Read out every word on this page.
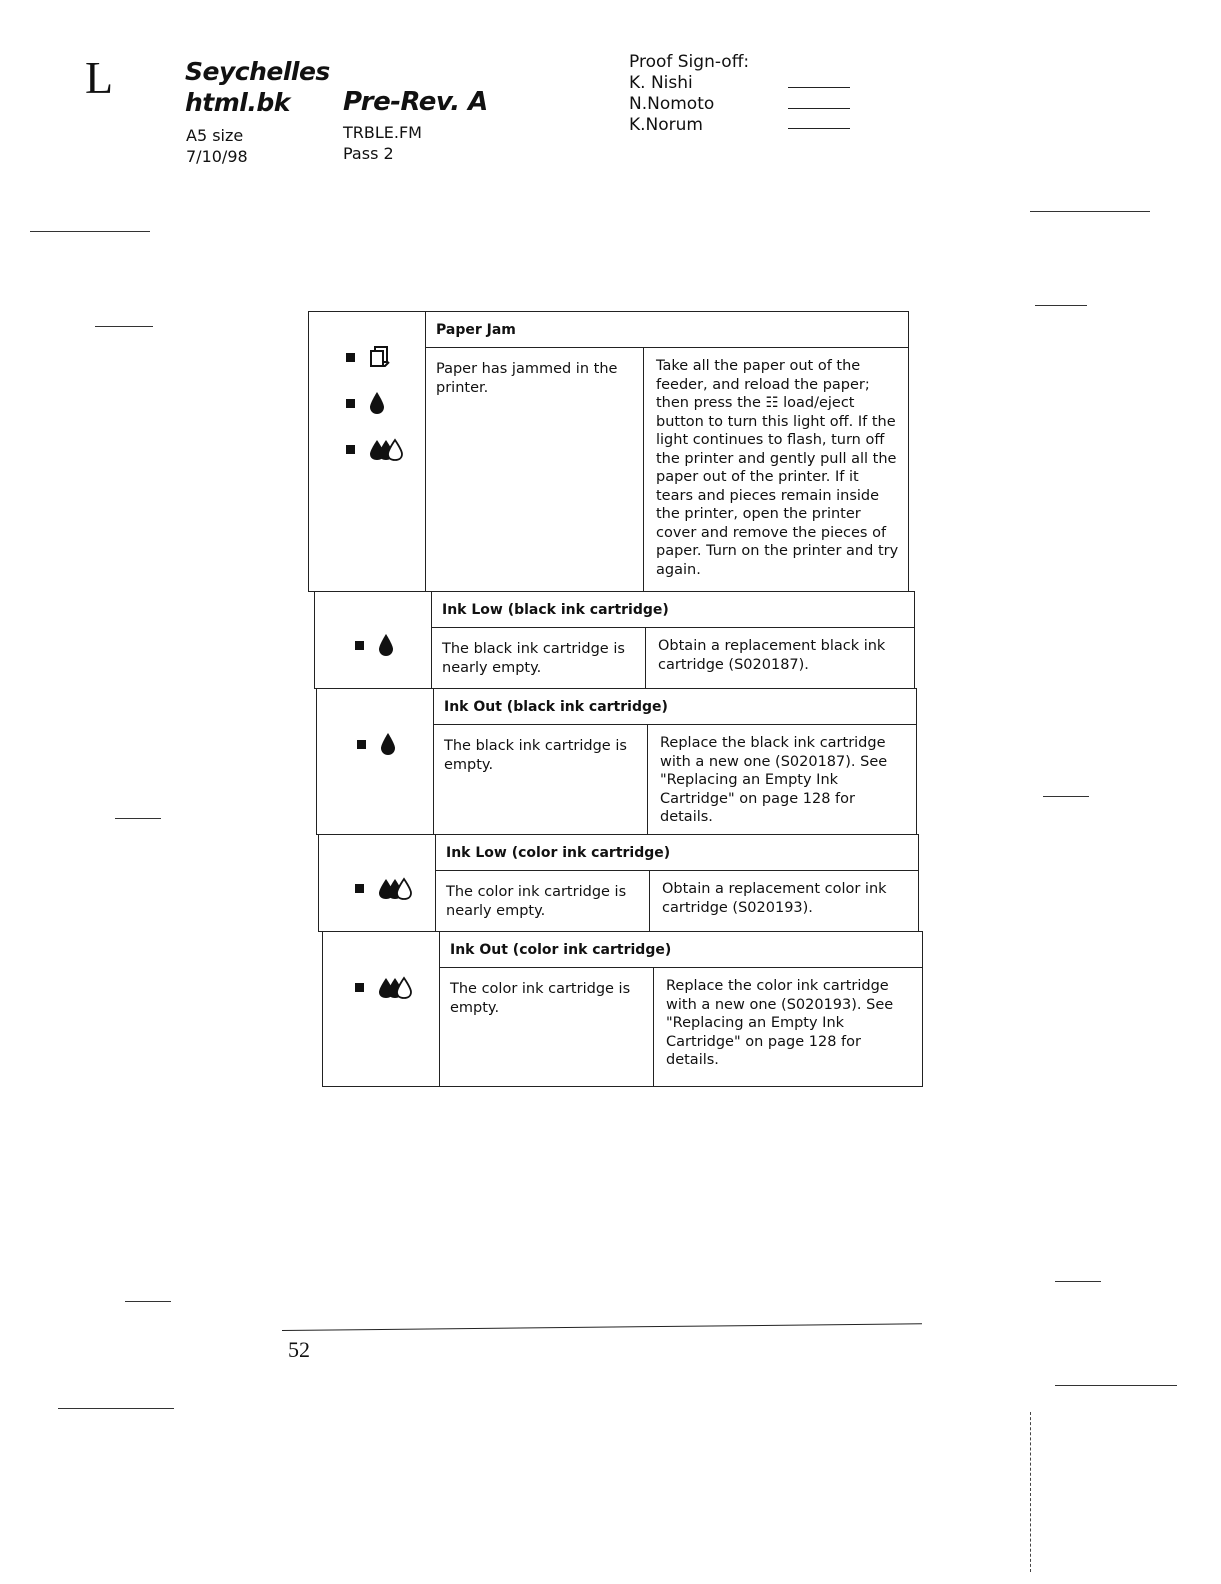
L	Seychelles
html.bk
A5 size
7/10/98
Pre-Rev. A
TRBLE.FM
Pass 2
Proof Sign-off:
K. Nishi
N.Nomoto
K.Norum
Paper Jam
Paper has jammed in the printer.
Take all the paper out of the feeder, and reload the paper; then press the ☷ load/eject button to turn this light off. If the light continues to flash, turn off the printer and gently pull all the paper out of the printer. If it tears and pieces remain inside the printer, open the printer cover and remove the pieces of paper. Turn on the printer and try again.
Ink Low (black ink cartridge)
The black ink cartridge is nearly empty.
Obtain a replacement black ink cartridge (S020187).
Ink Out (black ink cartridge)
The black ink cartridge is empty.
Replace the black ink cartridge with a new one (S020187). See "Replacing an Empty Ink Cartridge" on page 128 for details.
Ink Low (color ink cartridge)
The color ink cartridge is nearly empty.
Obtain a replacement color ink cartridge (S020193).
Ink Out (color ink cartridge)
The color ink cartridge is empty.
Replace the color ink cartridge with a new one (S020193). See "Replacing an Empty Ink Cartridge" on page 128 for details.
52
